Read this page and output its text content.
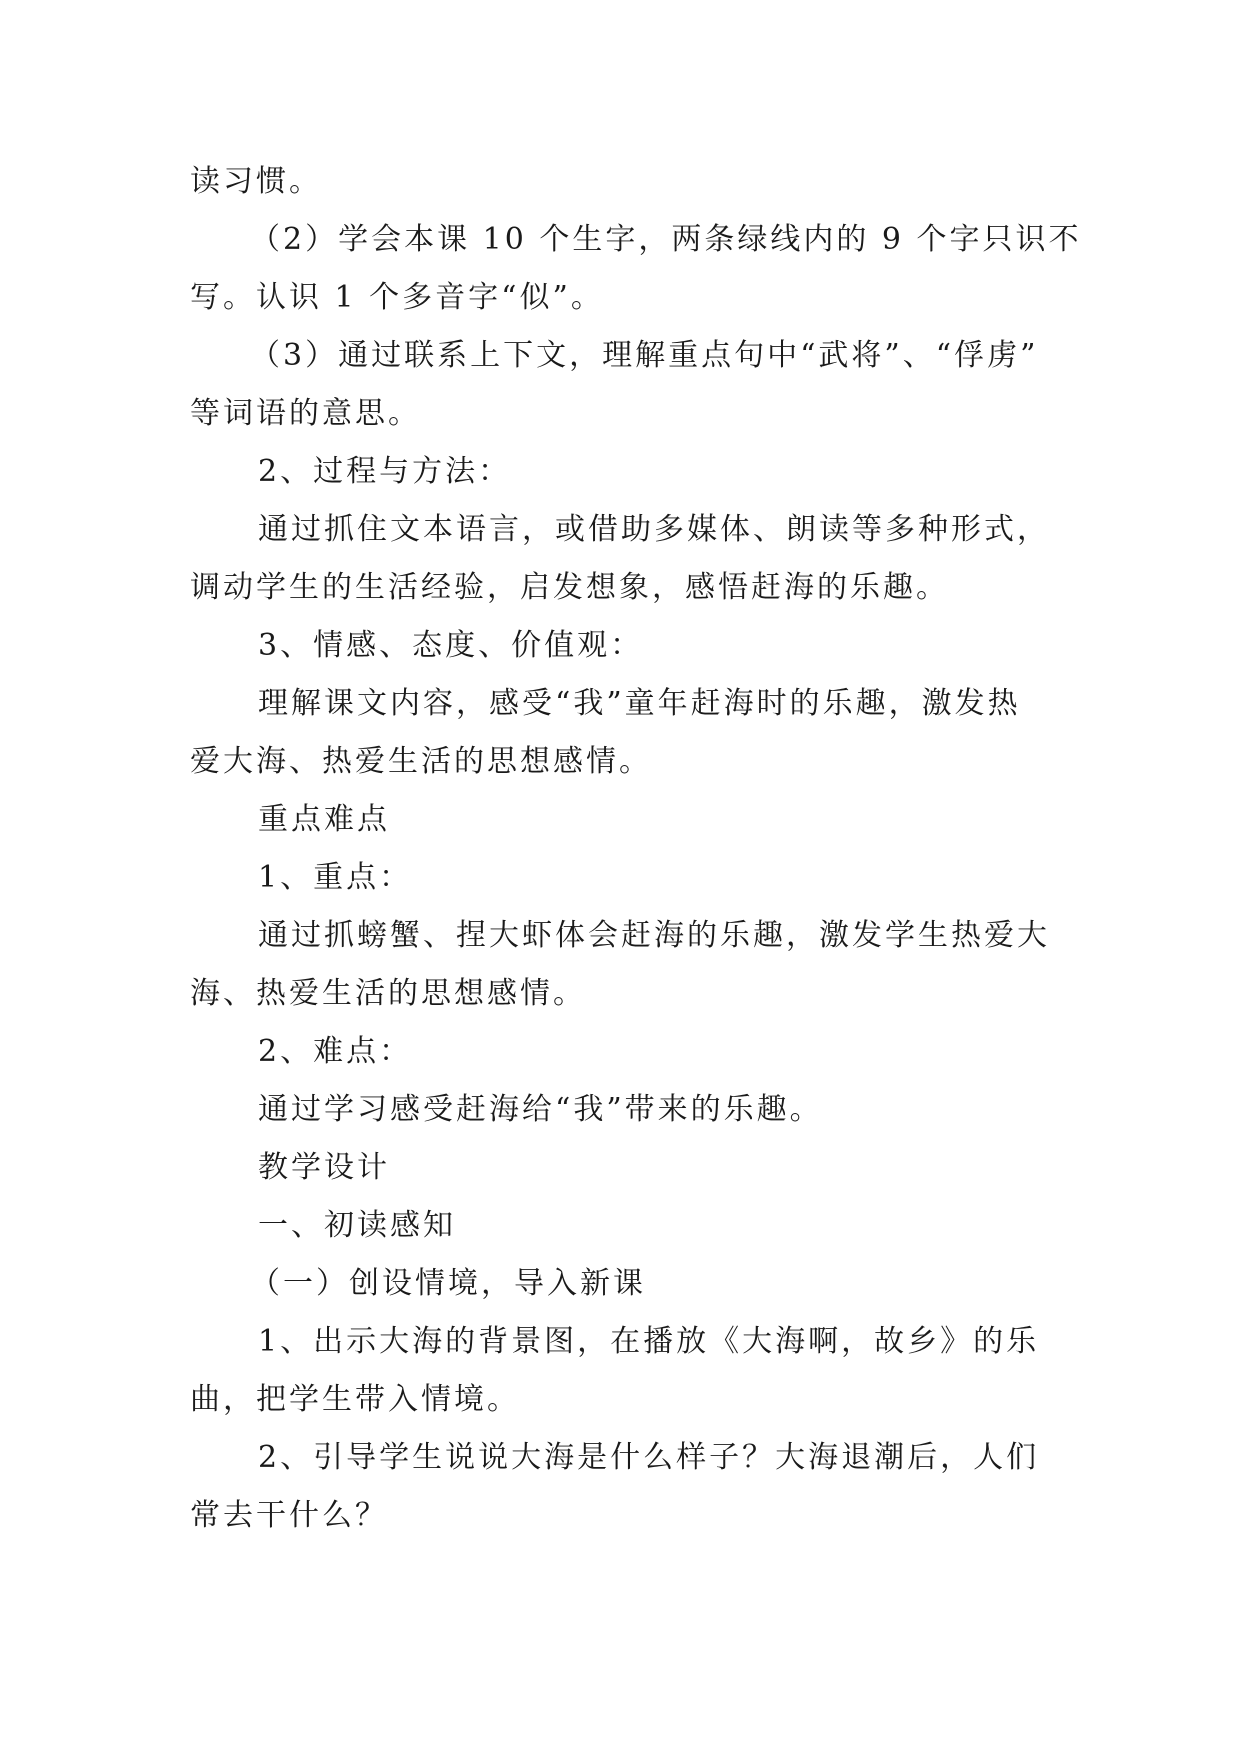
读习惯。
（2）学会本课 10 个生字，两条绿线内的 9 个字只识不
写。认识 1 个多音字“似”。
（3）通过联系上下文，理解重点句中“武将”、“俘虏”
等词语的意思。
2、过程与方法：
通过抓住文本语言，或借助多媒体、朗读等多种形式，
调动学生的生活经验，启发想象，感悟赶海的乐趣。
3、情感、态度、价值观：
理解课文内容，感受“我”童年赶海时的乐趣，激发热
爱大海、热爱生活的思想感情。
重点难点
1、重点：
通过抓螃蟹、捏大虾体会赶海的乐趣，激发学生热爱大
海、热爱生活的思想感情。
2、难点：
通过学习感受赶海给“我”带来的乐趣。
教学设计
一、初读感知
（一）创设情境，导入新课
1、出示大海的背景图，在播放《大海啊，故乡》的乐
曲，把学生带入情境。
2、引导学生说说大海是什么样子？大海退潮后，人们
常去干什么？
